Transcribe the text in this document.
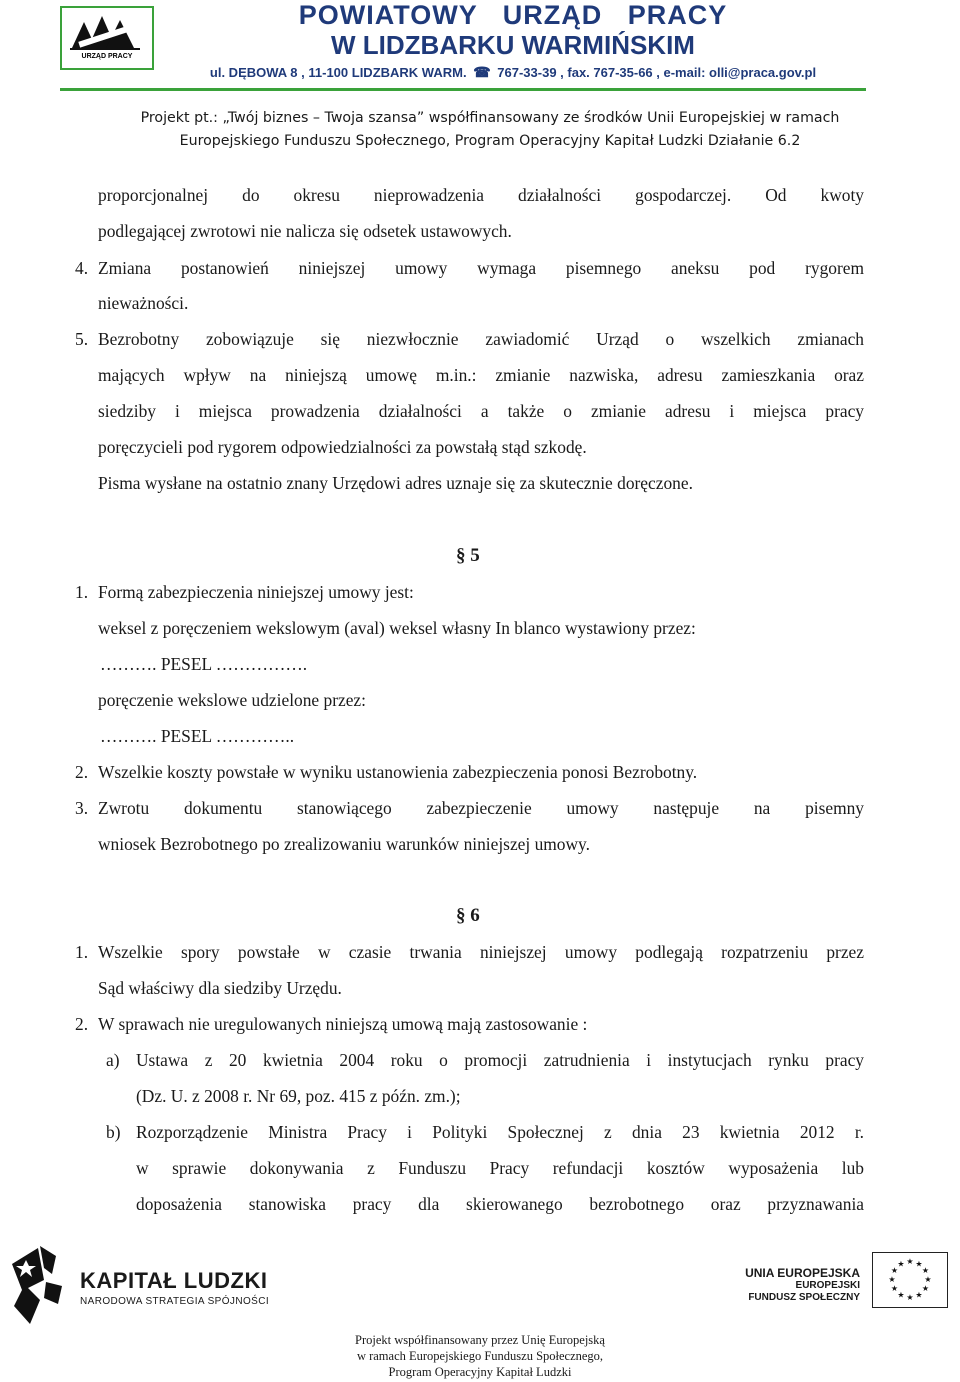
URZĄD PRACY
POWIATOWY   URZĄD   PRACY
W LIDZBARKU WARMIŃSKIM
ul. DĘBOWA 8 , 11-100 LIDZBARK WARM. ☎ 767-33-39 , fax. 767-35-66 , e-mail: olli@praca.gov.pl
Projekt pt.: „Twój biznes – Twoja szansa” współfinansowany ze środków Unii Europejskiej w ramach
Europejskiego Funduszu Społecznego, Program Operacyjny Kapitał Ludzki Działanie 6.2
proporcjonalnej do okresu nieprowadzenia działalności gospodarczej. Od kwoty
podlegającej zwrotowi nie nalicza się odsetek ustawowych.
4. Zmiana postanowień niniejszej umowy wymaga pisemnego aneksu pod rygorem
nieważności.
5. Bezrobotny zobowiązuje się niezwłocznie zawiadomić Urząd o wszelkich zmianach
mających wpływ na niniejszą umowę m.in.: zmianie nazwiska, adresu zamieszkania oraz
siedziby i miejsca prowadzenia działalności a także o zmianie adresu i miejsca pracy
poręczycieli pod rygorem odpowiedzialności za powstałą stąd szkodę.
Pisma wysłane na ostatnio znany Urzędowi adres uznaje się za skutecznie doręczone.
§ 5
1. Formą zabezpieczenia niniejszej umowy jest:
weksel z poręczeniem wekslowym (aval) weksel własny In blanco wystawiony przez:
………. PESEL …………….
poręczenie wekslowe udzielone przez:
………. PESEL …………..
2. Wszelkie koszty powstałe w wyniku ustanowienia zabezpieczenia ponosi Bezrobotny.
3. Zwrotu dokumentu stanowiącego zabezpieczenie umowy następuje na pisemny
wniosek Bezrobotnego po zrealizowaniu warunków niniejszej umowy.
§ 6
1. Wszelkie spory powstałe w czasie trwania niniejszej umowy podlegają rozpatrzeniu przez
Sąd właściwy dla siedziby Urzędu.
2. W sprawach nie uregulowanych niniejszą umową mają zastosowanie :
a) Ustawa z 20 kwietnia 2004 roku o promocji zatrudnienia i instytucjach rynku pracy
(Dz. U. z 2008 r. Nr 69, poz. 415 z późn. zm.);
b) Rozporządzenie Ministra Pracy i Polityki Społecznej z dnia 23 kwietnia 2012 r.
w sprawie dokonywania z Funduszu Pracy refundacji kosztów wyposażenia lub
doposażenia stanowiska pracy dla skierowanego bezrobotnego oraz przyznawania
KAPITAŁ LUDZKI
NARODOWA STRATEGIA SPÓJNOŚCI
UNIA EUROPEJSKA
EUROPEJSKI
FUNDUSZ SPOŁECZNY
★ ★
★
★
★
★
★
★
★
★
★
★
Projekt współfinansowany przez Unię Europejską
w ramach Europejskiego Funduszu Społecznego,
Program Operacyjny Kapitał Ludzki
